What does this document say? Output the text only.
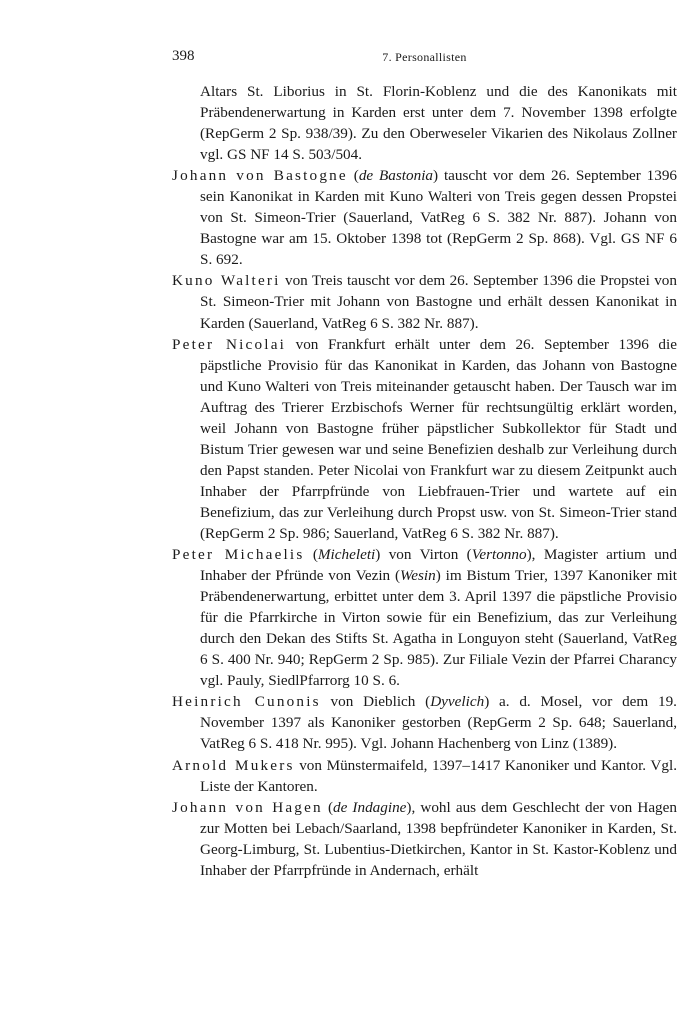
398	7. Personallisten

Altars St. Liborius in St. Florin-Koblenz und die des Kanonikats mit Präbendenerwartung in Karden erst unter dem 7. November 1398 erfolgte (RepGerm 2 Sp. 938/39). Zu den Oberweseler Vikarien des Nikolaus Zollner vgl. GS NF 14 S. 503/504.

Johann von Bastogne (de Bastonia) tauscht vor dem 26. September 1396 sein Kanonikat in Karden mit Kuno Walteri von Treis gegen dessen Propstei von St. Simeon-Trier (Sauerland, VatReg 6 S. 382 Nr. 887). Johann von Bastogne war am 15. Oktober 1398 tot (RepGerm 2 Sp. 868). Vgl. GS NF 6 S. 692.

Kuno Walteri von Treis tauscht vor dem 26. September 1396 die Propstei von St. Simeon-Trier mit Johann von Bastogne und erhält dessen Kanonikat in Karden (Sauerland, VatReg 6 S. 382 Nr. 887).

Peter Nicolai von Frankfurt erhält unter dem 26. September 1396 die päpstliche Provisio für das Kanonikat in Karden, das Johann von Bastogne und Kuno Walteri von Treis miteinander getauscht haben. Der Tausch war im Auftrag des Trierer Erzbischofs Werner für rechtsungültig erklärt worden, weil Johann von Bastogne früher päpstlicher Subkollektor für Stadt und Bistum Trier gewesen war und seine Benefizien deshalb zur Verleihung durch den Papst standen. Peter Nicolai von Frankfurt war zu diesem Zeitpunkt auch Inhaber der Pfarrpfründe von Liebfrauen-Trier und wartete auf ein Benefizium, das zur Verleihung durch Propst usw. von St. Simeon-Trier stand (RepGerm 2 Sp. 986; Sauerland, VatReg 6 S. 382 Nr. 887).

Peter Michaelis (Micheleti) von Virton (Vertonno), Magister artium und Inhaber der Pfründe von Vezin (Wesin) im Bistum Trier, 1397 Kanoniker mit Präbendenerwartung, erbittet unter dem 3. April 1397 die päpstliche Provisio für die Pfarrkirche in Virton sowie für ein Benefizium, das zur Verleihung durch den Dekan des Stifts St. Agatha in Longuyon steht (Sauerland, VatReg 6 S. 400 Nr. 940; RepGerm 2 Sp. 985). Zur Filiale Vezin der Pfarrei Charancy vgl. Pauly, SiedlPfarrorg 10 S. 6.

Heinrich Cunonis von Dieblich (Dyvelich) a. d. Mosel, vor dem 19. November 1397 als Kanoniker gestorben (RepGerm 2 Sp. 648; Sauerland, VatReg 6 S. 418 Nr. 995). Vgl. Johann Hachenberg von Linz (1389).

Arnold Mukers von Münstermaifeld, 1397–1417 Kanoniker und Kantor. Vgl. Liste der Kantoren.

Johann von Hagen (de Indagine), wohl aus dem Geschlecht der von Hagen zur Motten bei Lebach/Saarland, 1398 bepfründeter Kanoniker in Karden, St. Georg-Limburg, St. Lubentius-Dietkirchen, Kantor in St. Kastor-Koblenz und Inhaber der Pfarrpfründe in Andernach, erhält
